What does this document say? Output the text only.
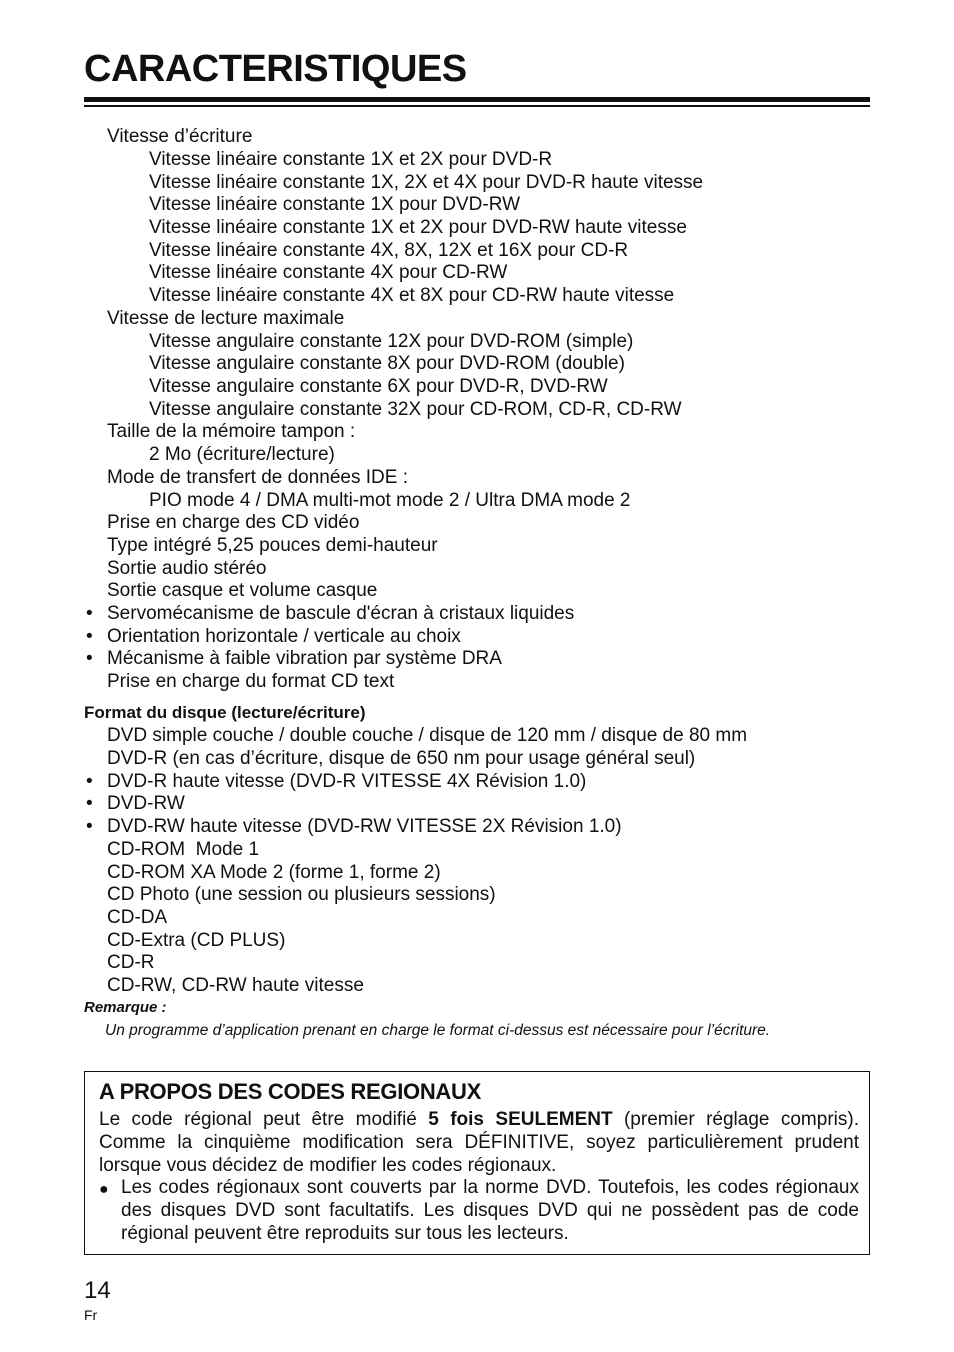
CARACTERISTIQUES
Vitesse d’écriture
Vitesse linéaire constante 1X et 2X pour DVD-R
Vitesse linéaire constante 1X, 2X et 4X pour DVD-R haute vitesse
Vitesse linéaire constante 1X pour DVD-RW
Vitesse linéaire constante 1X et 2X pour DVD-RW haute vitesse
Vitesse linéaire constante 4X, 8X, 12X et 16X pour CD-R
Vitesse linéaire constante 4X pour CD-RW
Vitesse linéaire constante 4X et 8X pour CD-RW haute vitesse
Vitesse de lecture maximale
Vitesse angulaire constante 12X pour DVD-ROM (simple)
Vitesse angulaire constante 8X pour DVD-ROM (double)
Vitesse angulaire constante 6X pour DVD-R, DVD-RW
Vitesse angulaire constante 32X pour CD-ROM, CD-R, CD-RW
Taille de la mémoire tampon :
2 Mo (écriture/lecture)
Mode de transfert de données IDE :
PIO mode 4 / DMA multi-mot mode 2 / Ultra DMA mode 2
Prise en charge des CD vidéo
Type intégré 5,25 pouces demi-hauteur
Sortie audio stéréo
Sortie casque et volume casque
• Servomécanisme de bascule d'écran à cristaux liquides
• Orientation horizontale / verticale au choix
• Mécanisme à faible vibration par système DRA
Prise en charge du format CD text
Format du disque (lecture/écriture)
DVD simple couche / double couche / disque de 120 mm / disque de 80 mm
DVD-R (en cas d’écriture, disque de 650 nm pour usage général seul)
• DVD-R haute vitesse (DVD-R VITESSE 4X Révision 1.0)
• DVD-RW
• DVD-RW haute vitesse (DVD-RW VITESSE 2X Révision 1.0)
CD-ROM  Mode 1
CD-ROM XA Mode 2 (forme 1, forme 2)
CD Photo (une session ou plusieurs sessions)
CD-DA
CD-Extra (CD PLUS)
CD-R
CD-RW, CD-RW haute vitesse
Remarque :
Un programme d’application prenant en charge le format ci-dessus est nécessaire pour l’écriture.
A PROPOS DES CODES REGIONAUX
Le code régional peut être modifié 5 fois SEULEMENT (premier réglage compris). Comme la cinquième modification sera DÉFINITIVE, soyez particulièrement prudent lorsque vous décidez de modifier les codes régionaux.
● Les codes régionaux sont couverts par la norme DVD. Toutefois, les codes régionaux des disques DVD sont facultatifs. Les disques DVD qui ne possèdent pas de code régional peuvent être reproduits sur tous les lecteurs.
14
Fr
